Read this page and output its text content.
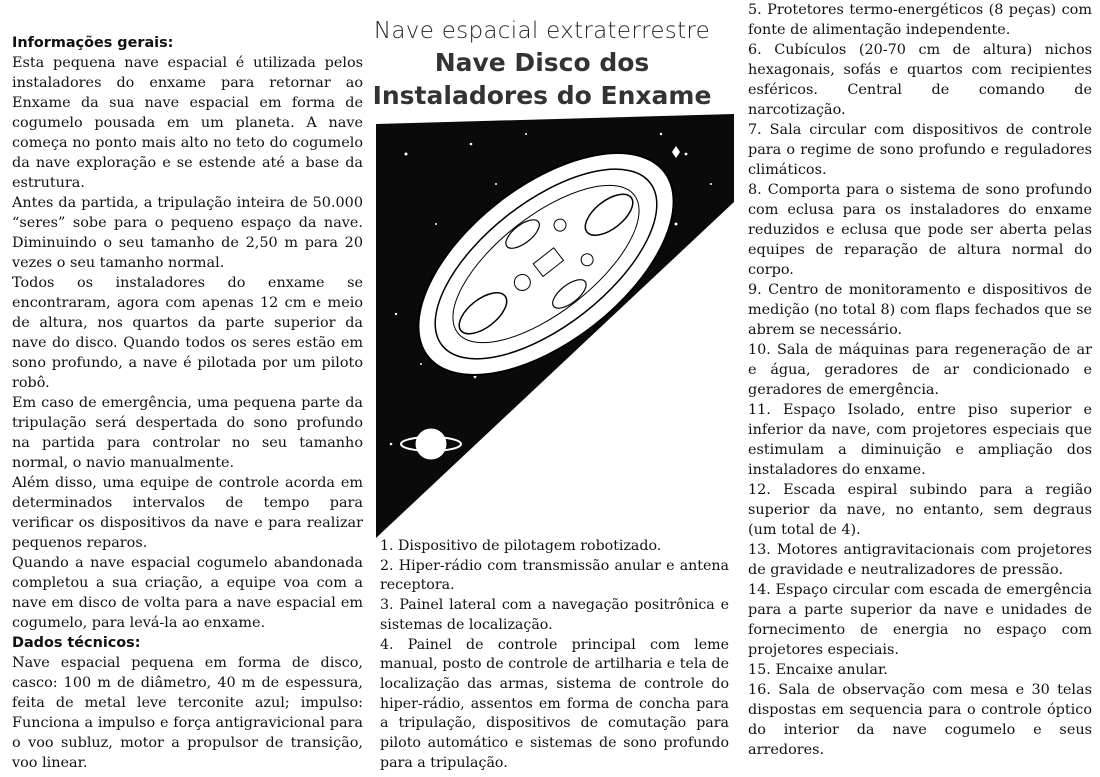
Nave espacial extraterrestre
Nave Disco dos
Instaladores do Enxame

Informações gerais:

Esta pequena nave espacial é utilizada pelos instaladores do enxame para retornar ao Enxame da sua nave espacial em forma de cogumelo pousada em um planeta. A nave começa no ponto mais alto no teto do cogumelo da nave exploração e se estende até a base da estrutura.

Antes da partida, a tripulação inteira de 50.000 “seres” sobe para o pequeno espaço da nave. Diminuindo o seu tamanho de 2,50 m para 20 vezes o seu tamanho normal.

Todos os instaladores do enxame se encontraram, agora com apenas 12 cm e meio de altura, nos quartos da parte superior da nave do disco. Quando todos os seres estão em sono profundo, a nave é pilotada por um piloto robô.

Em caso de emergência, uma pequena parte da tripulação será despertada do sono profundo na partida para controlar no seu tamanho normal, o navio manualmente.

Além disso, uma equipe de controle acorda em determinados intervalos de tempo para verificar os dispositivos da nave e para realizar pequenos reparos.

Quando a nave espacial cogumelo abandonada completou a sua criação, a equipe voa com a nave em disco de volta para a nave espacial em cogumelo, para levá-la ao enxame.

Dados técnicos:

Nave espacial pequena em forma de disco, casco: 100 m de diâmetro, 40 m de espessura, feita de metal leve terconite azul; impulso: Funciona a impulso e força antigravicional para o voo subluz, motor a propulsor de transição, voo linear.

1. Dispositivo de pilotagem robotizado.

2. Hiper-rádio com transmissão anular e antena receptora.

3. Painel lateral com a navegação positrônica e sistemas de localização.

4. Painel de controle principal com leme manual, posto de controle de artilharia e tela de localização das armas, sistema de controle do hiper-rádio, assentos em forma de concha para a tripulação, dispositivos de comutação para piloto automático e sistemas de sono profundo para a tripulação.

5. Protetores termo-energéticos (8 peças) com fonte de alimentação independente.

6. Cubículos (20-70 cm de altura) nichos hexagonais, sofás e quartos com recipientes esféricos. Central de comando de narcotização.

7. Sala circular com dispositivos de controle para o regime de sono profundo e reguladores climáticos.

8. Comporta para o sistema de sono profundo com eclusa para os instaladores do enxame reduzidos e eclusa que pode ser aberta pelas equipes de reparação de altura normal do corpo.

9. Centro de monitoramento e dispositivos de medição (no total 8) com flaps fechados que se abrem se necessário.

10. Sala de máquinas para regeneração de ar e água, geradores de ar condicionado e geradores de emergência.

11. Espaço Isolado, entre piso superior e inferior da nave, com projetores especiais que estimulam a diminuição e ampliação dos instaladores do enxame.

12. Escada espiral subindo para a região superior da nave, no entanto, sem degraus (um total de 4).

13. Motores antigravitacionais com projetores de gravidade e neutralizadores de pressão.

14. Espaço circular com escada de emergência para a parte superior da nave e unidades de fornecimento de energia no espaço com projetores especiais.

15. Encaixe anular.

16. Sala de observação com mesa e 30 telas dispostas em sequencia para o controle óptico do interior da nave cogumelo e seus arredores.
